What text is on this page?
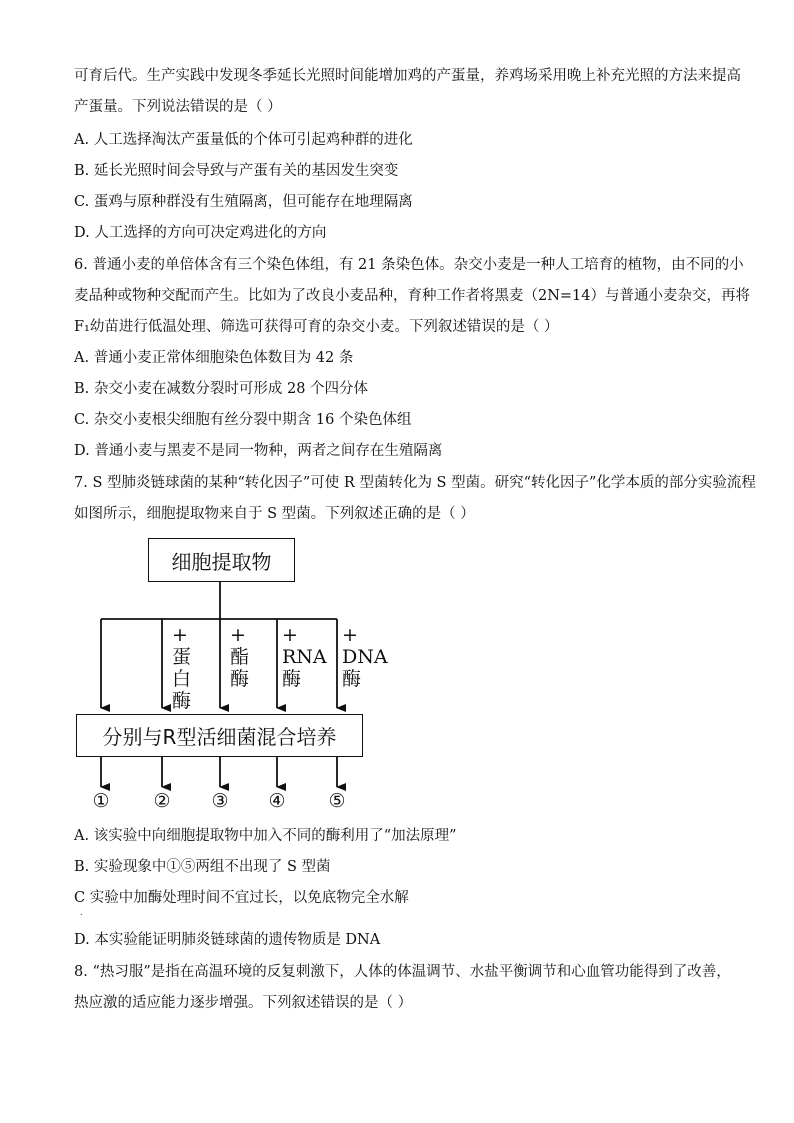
可育后代。生产实践中发现冬季延长光照时间能增加鸡的产蛋量，养鸡场采用晚上补充光照的方法来提高
产蛋量。下列说法错误的是（ ）
A. 人工选择淘汰产蛋量低的个体可引起鸡种群的进化
B. 延长光照时间会导致与产蛋有关的基因发生突变
C. 蛋鸡与原种群没有生殖隔离，但可能存在地理隔离
D. 人工选择的方向可决定鸡进化的方向
6. 普通小麦的单倍体含有三个染色体组，有 21 条染色体。杂交小麦是一种人工培育的植物，由不同的小
麦品种或物种交配而产生。比如为了改良小麦品种，育种工作者将黑麦（2N=14）与普通小麦杂交，再将
F₁幼苗进行低温处理、筛选可获得可育的杂交小麦。下列叙述错误的是（ ）
A. 普通小麦正常体细胞染色体数目为 42 条
B. 杂交小麦在减数分裂时可形成 28 个四分体
C. 杂交小麦根尖细胞有丝分裂中期含 16 个染色体组
D. 普通小麦与黑麦不是同一物种，两者之间存在生殖隔离
7. S 型肺炎链球菌的某种“转化因子”可使 R 型菌转化为 S 型菌。研究“转化因子”化学本质的部分实验流程
如图所示，细胞提取物来自于 S 型菌。下列叙述正确的是（ ）
细胞提取物
+
蛋
白
酶
+
酯
酶
+
RNA
酶
+
DNA
酶
分别与R型活细菌混合培养
①	②	③	④	⑤
A. 该实验中向细胞提取物中加入不同的酶利用了“加法原理”
B. 实验现象中①⑤两组不出现了 S 型菌
C 实验中加酶处理时间不宜过长，以免底物完全水解
.
D. 本实验能证明肺炎链球菌的遗传物质是 DNA
8. “热习服”是指在高温环境的反复刺激下，人体的体温调节、水盐平衡调节和心血管功能得到了改善，
热应激的适应能力逐步增强。下列叙述错误的是（ ）
